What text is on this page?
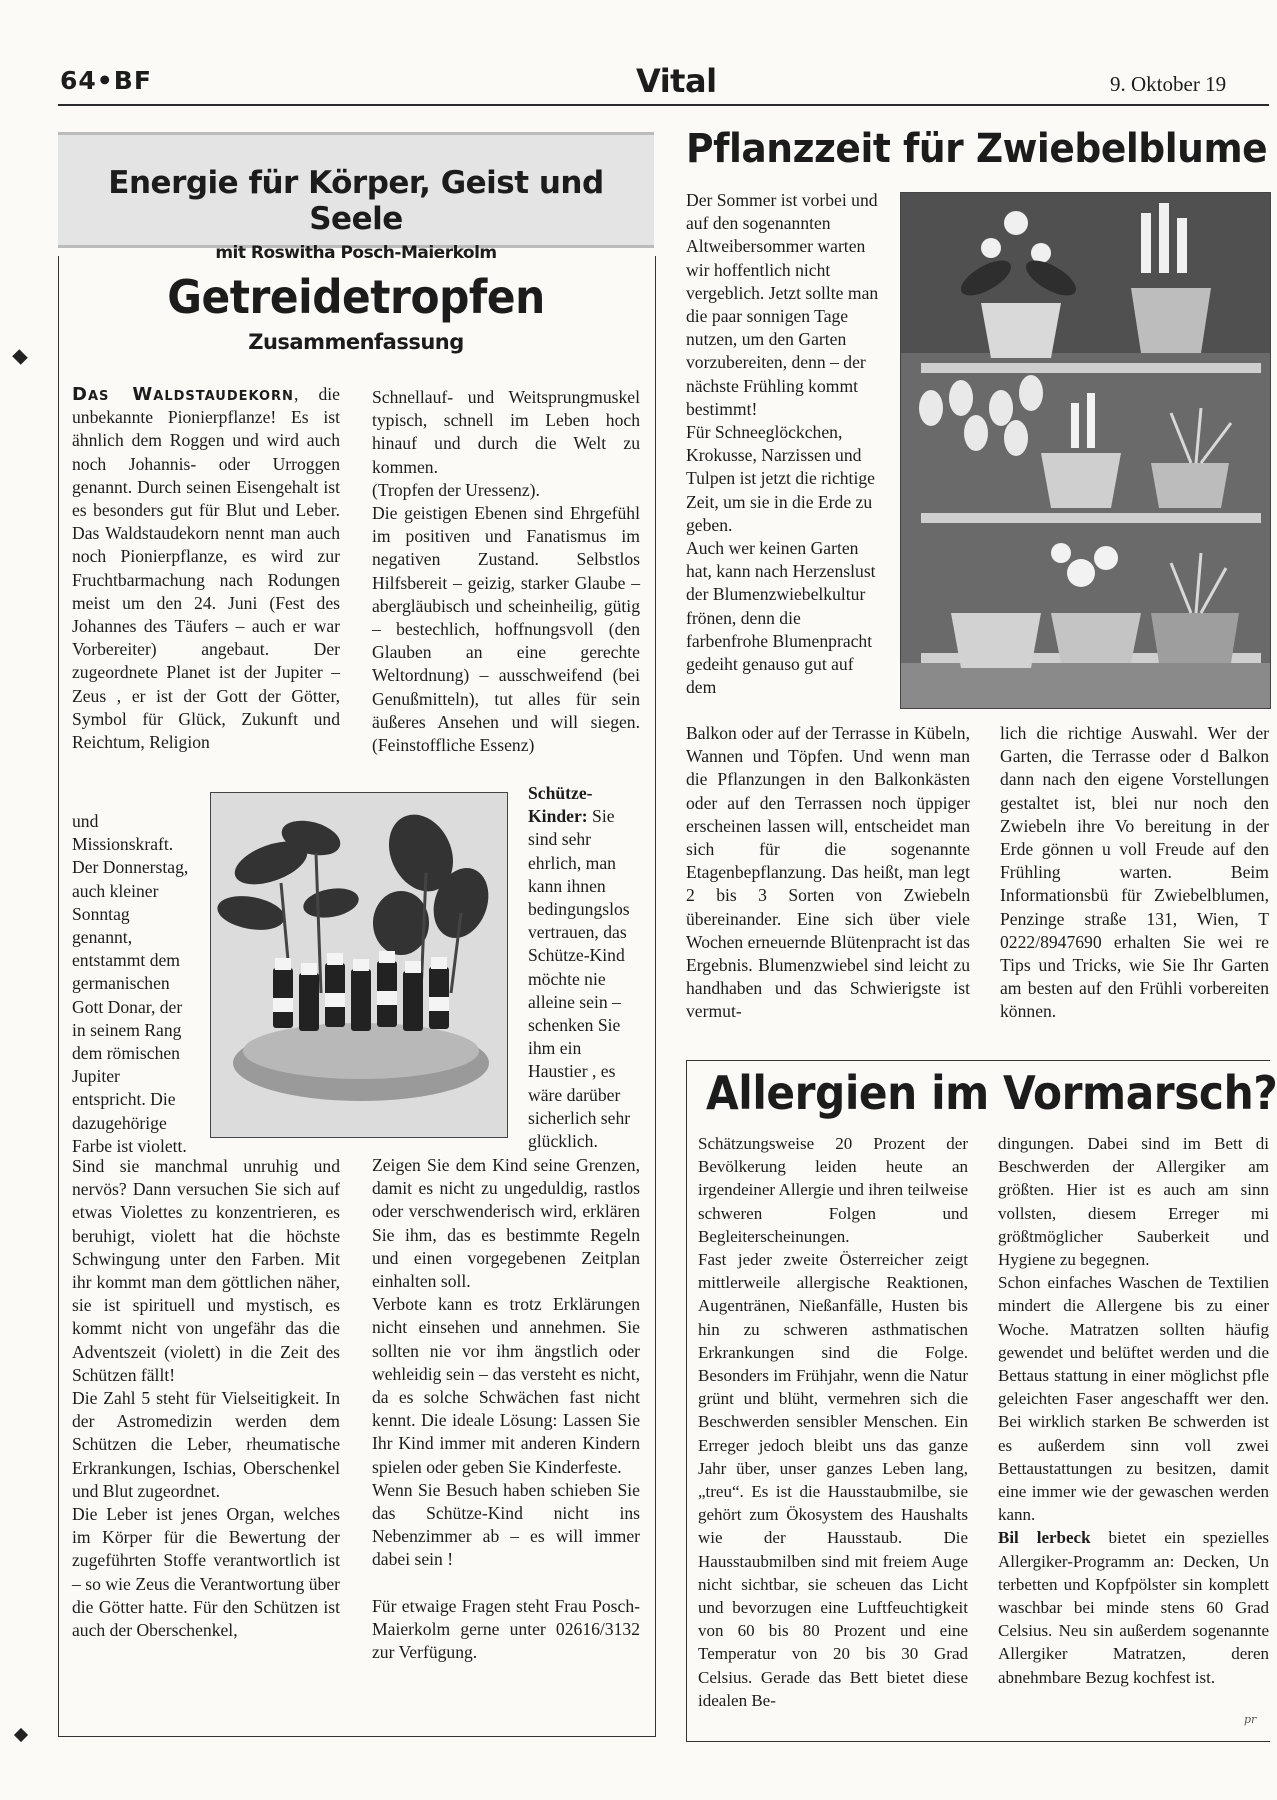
64•BF	Vital	9. Oktober 19
Energie für Körper, Geist und Seele
mit Roswitha Posch-Maierkolm
Getreidetropfen
Zusammenfassung

Das Waldstaudekorn, die unbekannte Pionierpflanze! Es ist ähnlich dem Roggen und wird auch noch Johannis- oder Urroggen genannt. Durch seinen Eisengehalt ist es besonders gut für Blut und Leber. Das Waldstaudekorn nennt man auch noch Pionierpflanze, es wird zur Fruchtbarmachung nach Rodungen meist um den 24. Juni (Fest des Johannes des Täufers – auch er war Vorbereiter) angebaut. Der zugeordnete Planet ist der Jupiter – Zeus , er ist der Gott der Götter, Symbol für Glück, Zukunft und Reichtum, Religion

und Missionskraft. Der Donnerstag, auch kleiner Sonntag genannt, entstammt dem germanischen Gott Donar, der in seinem Rang dem römischen Jupiter entspricht. Die dazugehörige Farbe ist violett.

Sind sie manchmal unruhig und nervös? Dann versuchen Sie sich auf etwas Violettes zu konzentrieren, es beruhigt, violett hat die höchste Schwingung unter den Farben. Mit ihr kommt man dem göttlichen näher, sie ist spirituell und mystisch, es kommt nicht von ungefähr das die Adventszeit (violett) in die Zeit des Schützen fällt!

Die Zahl 5 steht für Vielseitigkeit. In der Astromedizin werden dem Schützen die Leber, rheumatische Erkrankungen, Ischias, Oberschenkel und Blut zugeordnet.

Die Leber ist jenes Organ, welches im Körper für die Bewertung der zugeführten Stoffe verantwortlich ist – so wie Zeus die Verantwortung über die Götter hatte. Für den Schützen ist auch der Oberschenkel,

Schnellauf- und Weitsprungmuskel typisch, schnell im Leben hoch hinauf und durch die Welt zu kommen.

(Tropfen der Uressenz).

Die geistigen Ebenen sind Ehrgefühl im positiven und Fanatismus im negativen Zustand. Selbstlos Hilfsbereit – geizig, starker Glaube – abergläubisch und scheinheilig, gütig – bestechlich, hoffnungsvoll (den Glauben an eine gerechte Weltordnung) – ausschweifend (bei Genußmitteln), tut alles für sein äußeres Ansehen und will siegen. (Feinstoffliche Essenz)

Schütze-Kinder: Sie sind sehr ehrlich, man kann ihnen bedingungslos vertrauen, das Schütze-Kind möchte nie alleine sein – schenken Sie ihm ein Haustier , es wäre darüber sicherlich sehr glücklich.

Zeigen Sie dem Kind seine Grenzen, damit es nicht zu ungeduldig, rastlos oder verschwenderisch wird, erklären Sie ihm, das es bestimmte Regeln und einen vorgegebenen Zeitplan einhalten soll.

Verbote kann es trotz Erklärungen nicht einsehen und annehmen. Sie sollten nie vor ihm ängstlich oder wehleidig sein – das versteht es nicht, da es solche Schwächen fast nicht kennt. Die ideale Lösung: Lassen Sie Ihr Kind immer mit anderen Kindern spielen oder geben Sie Kinderfeste.

Wenn Sie Besuch haben schieben Sie das Schütze-Kind nicht ins Nebenzimmer ab – es will immer dabei sein !

Für etwaige Fragen steht Frau Posch-Maierkolm gerne unter 02616/3132 zur Verfügung.

Pflanzzeit für Zwiebelblume

Der Sommer ist vorbei und auf den sogenannten Altweibersommer warten wir hoffentlich nicht vergeblich. Jetzt sollte man die paar sonnigen Tage nutzen, um den Garten vorzubereiten, denn – der nächste Frühling kommt bestimmt!

Für Schneeglöckchen, Krokusse, Narzissen und Tulpen ist jetzt die richtige Zeit, um sie in die Erde zu geben.

Auch wer keinen Garten hat, kann nach Herzenslust der Blumenzwiebelkultur frönen, denn die farbenfrohe Blumenpracht gedeiht genauso gut auf dem

Balkon oder auf der Terrasse in Kübeln, Wannen und Töpfen. Und wenn man die Pflanzungen in den Balkonkästen oder auf den Terrassen noch üppiger erscheinen lassen will, entscheidet man sich für die sogenannte Etagenbepflanzung. Das heißt, man legt 2 bis 3 Sorten von Zwiebeln übereinander. Eine sich über viele Wochen erneuernde Blütenpracht ist das Ergebnis. Blumenzwiebel sind leicht zu handhaben und das Schwierigste ist vermut-

lich die richtige Auswahl. Wer der Garten, die Terrasse oder d Balkon dann nach den eigene Vorstellungen gestaltet ist, blei nur noch den Zwiebeln ihre Vo bereitung in der Erde gönnen u voll Freude auf den Frühling warten. Beim Informationsbü für Zwiebelblumen, Penzinge straße 131, Wien, T 0222/8947690 erhalten Sie wei re Tips und Tricks, wie Sie Ihr Garten am besten auf den Frühli vorbereiten können.

Allergien im Vormarsch?

Schätzungsweise 20 Prozent der Bevölkerung leiden heute an irgendeiner Allergie und ihren teilweise schweren Folgen und Begleiterscheinungen.

Fast jeder zweite Österreicher zeigt mittlerweile allergische Reaktionen, Augentränen, Nießanfälle, Husten bis hin zu schweren asthmatischen Erkrankungen sind die Folge. Besonders im Frühjahr, wenn die Natur grünt und blüht, vermehren sich die Beschwerden sensibler Menschen. Ein Erreger jedoch bleibt uns das ganze Jahr über, unser ganzes Leben lang, „treu“. Es ist die Hausstaubmilbe, sie gehört zum Ökosystem des Haushalts wie der Hausstaub. Die Hausstaubmilben sind mit freiem Auge nicht sichtbar, sie scheuen das Licht und bevorzugen eine Luftfeuchtigkeit von 60 bis 80 Prozent und eine Temperatur von 20 bis 30 Grad Celsius. Gerade das Bett bietet diese idealen Be-

dingungen. Dabei sind im Bett di Beschwerden der Allergiker am größten. Hier ist es auch am sinn vollsten, diesem Erreger mi größtmöglicher Sauberkeit und Hygiene zu begegnen.

Schon einfaches Waschen de Textilien mindert die Allergene bis zu einer Woche. Matratzen sollten häufig gewendet und belüftet werden und die Bettaus stattung in einer möglichst pfle geleichten Faser angeschafft wer den. Bei wirklich starken Be schwerden ist es außerdem sinn voll zwei Bettaustattungen zu besitzen, damit eine immer wie der gewaschen werden kann.

Bil lerbeck bietet ein spezielles Allergiker-Programm an: Decken, Un terbetten und Kopfpölster sin komplett waschbar bei minde stens 60 Grad Celsius. Neu sin außerdem sogenannte Allergiker Matratzen, deren abnehmbare Bezug kochfest ist.

pr
